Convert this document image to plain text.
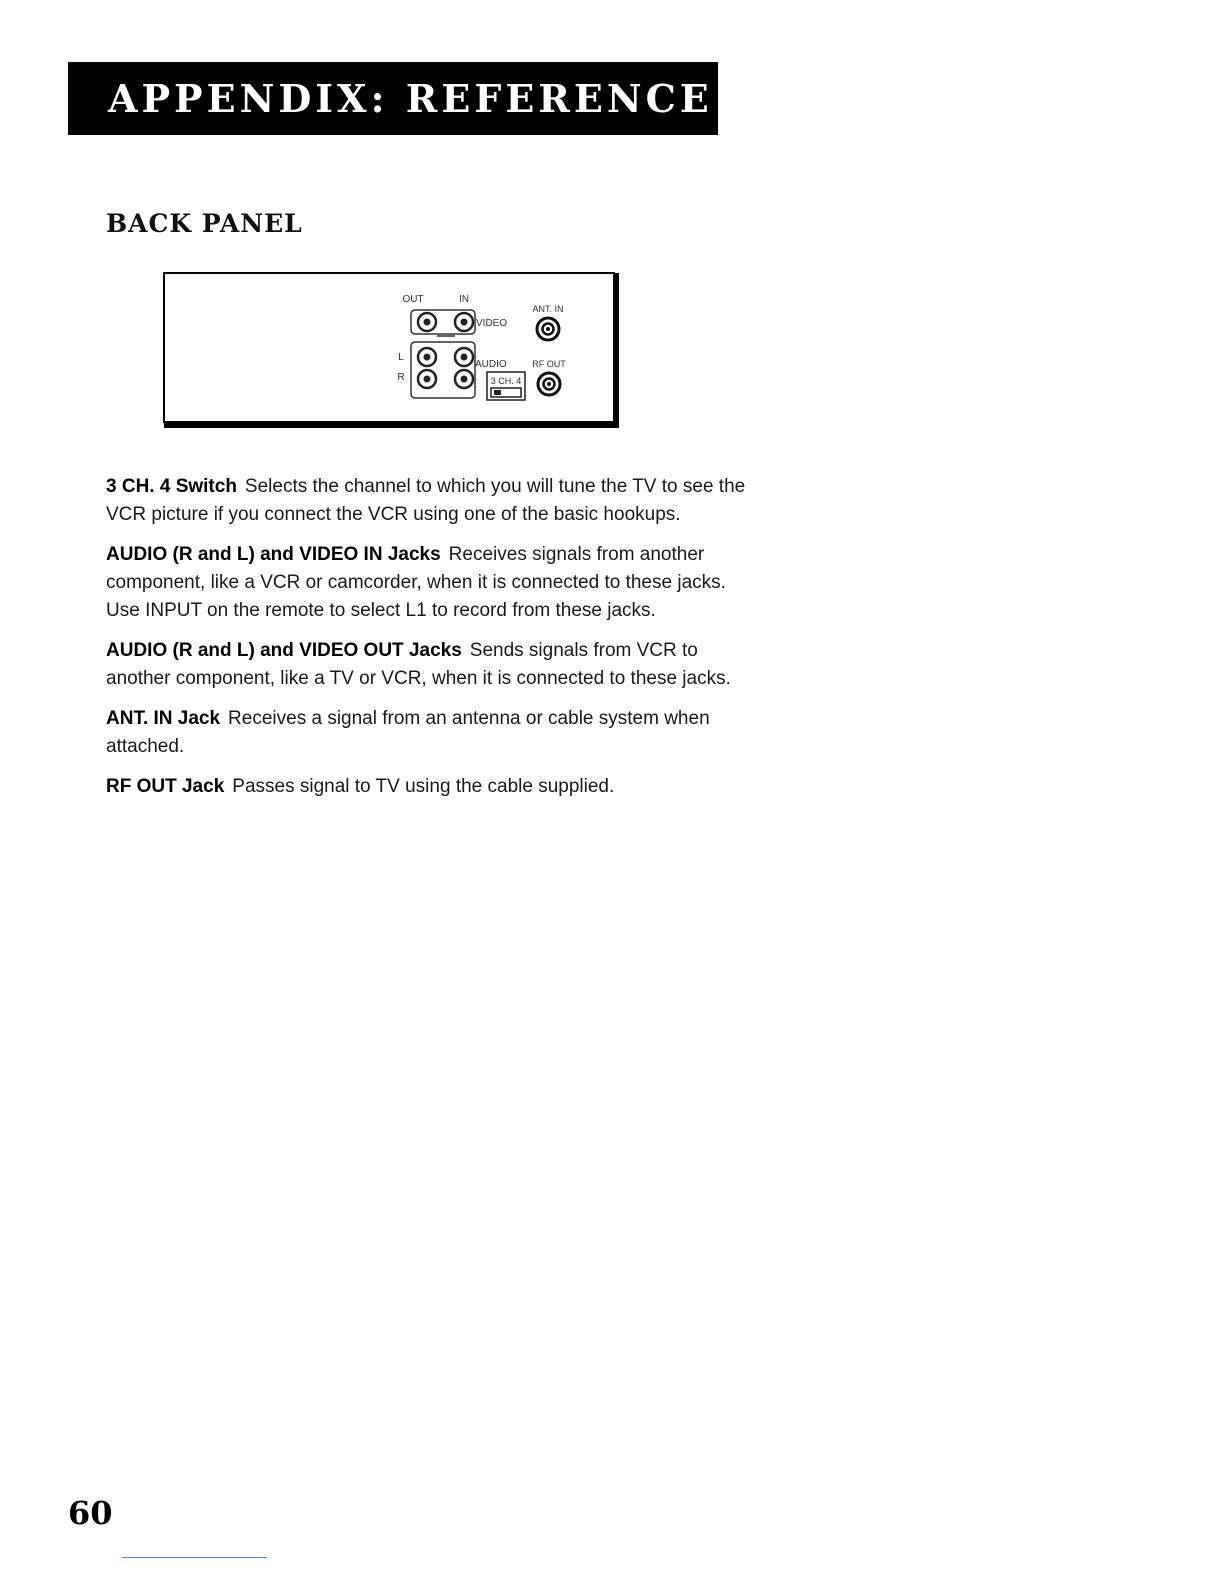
APPENDIX: REFERENCE
BACK PANEL
OUT	IN
ANT. IN
VIDEO
L
R
AUDIO	RF OUT
3 CH. 4

3 CH. 4 Switch Selects the channel to which you will tune the TV to see the VCR picture if you connect the VCR using one of the basic hookups.

AUDIO (R and L) and VIDEO IN Jacks Receives signals from another component, like a VCR or camcorder, when it is connected to these jacks. Use INPUT on the remote to select L1 to record from these jacks.

AUDIO (R and L) and VIDEO OUT Jacks Sends signals from VCR to another component, like a TV or VCR, when it is connected to these jacks.

ANT. IN Jack Receives a signal from an antenna or cable system when attached.

RF OUT Jack Passes signal to TV using the cable supplied.

60
